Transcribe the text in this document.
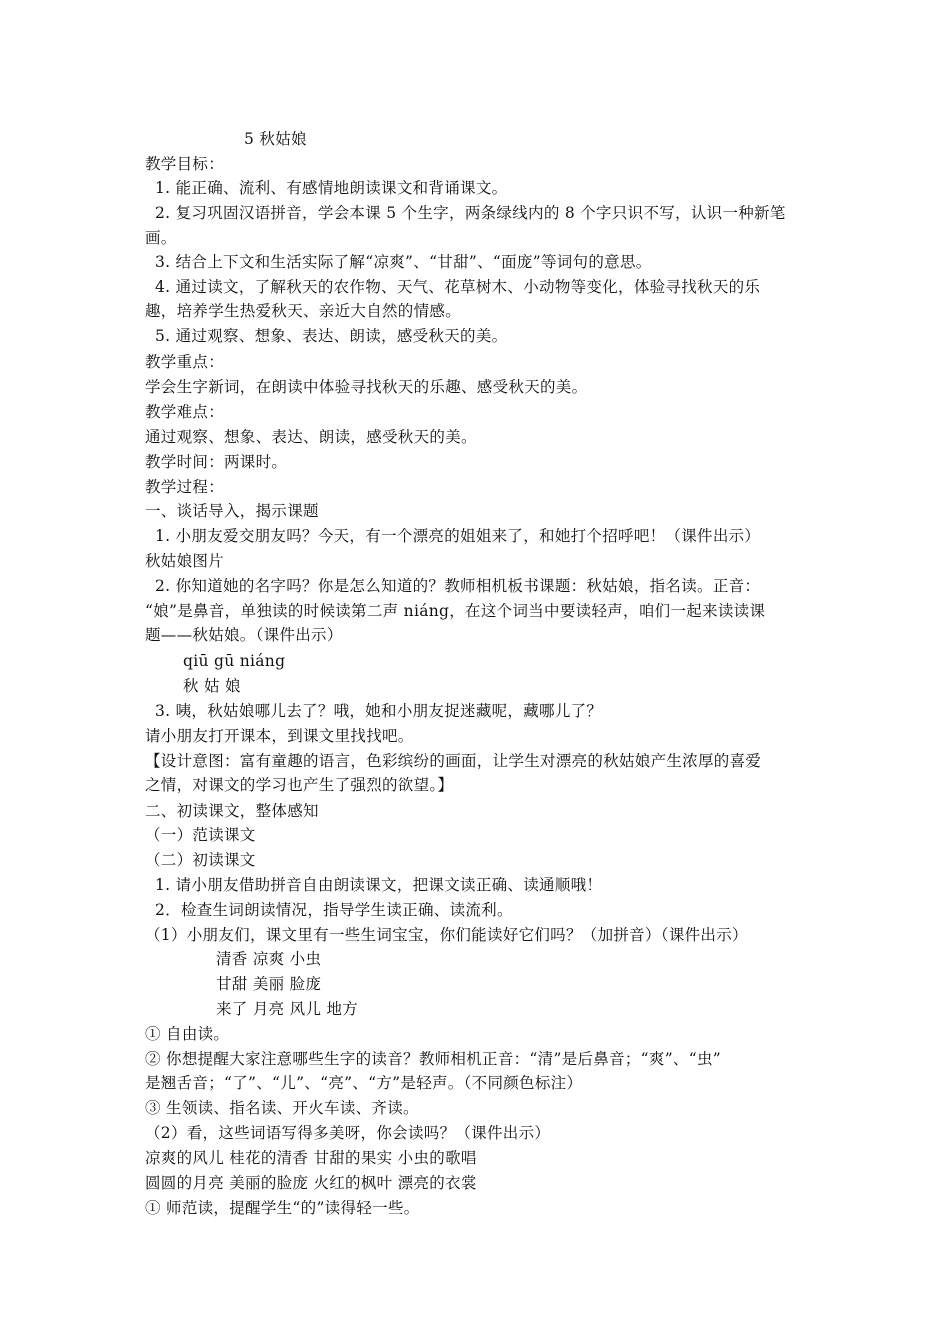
5 秋姑娘
教学目标：
1. 能正确、流利、有感情地朗读课文和背诵课文。
2. 复习巩固汉语拼音，学会本课 5 个生字，两条绿线内的 8 个字只识不写，认识一种新笔
画。
3. 结合上下文和生活实际了解“凉爽”、“甘甜”、“面庞”等词句的意思。
4. 通过读文，了解秋天的农作物、天气、花草树木、小动物等变化，体验寻找秋天的乐
趣，培养学生热爱秋天、亲近大自然的情感。
5. 通过观察、想象、表达、朗读，感受秋天的美。
教学重点：
学会生字新词，在朗读中体验寻找秋天的乐趣、感受秋天的美。
教学难点：
通过观察、想象、表达、朗读，感受秋天的美。
教学时间：两课时。
教学过程：
一、谈话导入，揭示课题
1. 小朋友爱交朋友吗？今天，有一个漂亮的姐姐来了，和她打个招呼吧！（课件出示）
秋姑娘图片
2. 你知道她的名字吗？你是怎么知道的？教师相机板书课题：秋姑娘，指名读。正音：
“娘”是鼻音，单独读的时候读第二声 niáng，在这个词当中要读轻声，咱们一起来读读课
题——秋姑娘。（课件出示）
qiū gū niáng
秋 姑 娘
3. 咦，秋姑娘哪儿去了？哦，她和小朋友捉迷藏呢，藏哪儿了？
请小朋友打开课本，到课文里找找吧。
【设计意图：富有童趣的语言，色彩缤纷的画面，让学生对漂亮的秋姑娘产生浓厚的喜爱
之情，对课文的学习也产生了强烈的欲望。】
二、初读课文，整体感知
（一）范读课文
（二）初读课文
1. 请小朋友借助拼音自由朗读课文，把课文读正确、读通顺哦！
2．检查生词朗读情况，指导学生读正确、读流利。
（1）小朋友们，课文里有一些生词宝宝，你们能读好它们吗？（加拼音）（课件出示）
清香 凉爽 小虫
甘甜 美丽 脸庞
来了 月亮 风儿 地方
① 自由读。
② 你想提醒大家注意哪些生字的读音？教师相机正音：“清”是后鼻音；“爽”、“虫”
是翘舌音；“了”、“儿”、“亮”、“方”是轻声。（不同颜色标注）
③ 生领读、指名读、开火车读、齐读。
（2）看，这些词语写得多美呀，你会读吗？（课件出示）
凉爽的风儿 桂花的清香 甘甜的果实 小虫的歌唱
圆圆的月亮 美丽的脸庞 火红的枫叶 漂亮的衣裳
① 师范读，提醒学生“的”读得轻一些。
